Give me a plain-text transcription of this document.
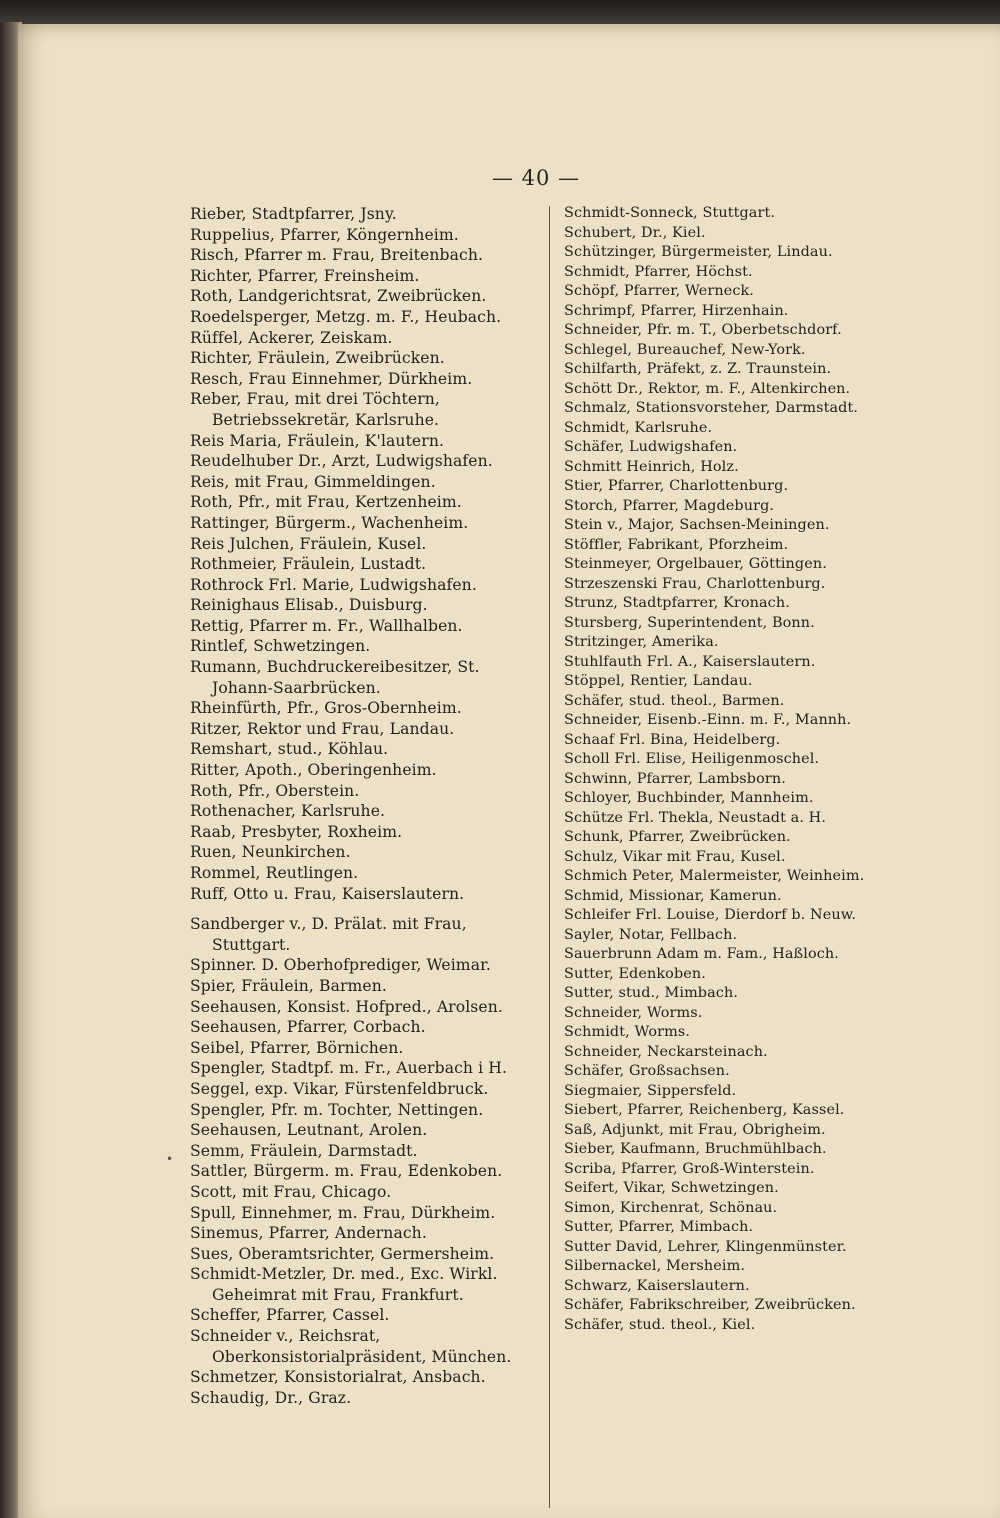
— 40 —
Rieber, Stadtpfarrer, Jsny.
Ruppelius, Pfarrer, Köngernheim.
Risch, Pfarrer m. Frau, Breitenbach.
Richter, Pfarrer, Freinsheim.
Roth, Landgerichtsrat, Zweibrücken.
Roedelsperger, Metzg. m. F., Heubach.
Rüffel, Ackerer, Zeiskam.
Richter, Fräulein, Zweibrücken.
Resch, Frau Einnehmer, Dürkheim.
Reber, Frau, mit drei Töchtern, Betriebssekretär, Karlsruhe.
Reis Maria, Fräulein, K'lautern.
Reudelhuber Dr., Arzt, Ludwigshafen.
Reis, mit Frau, Gimmeldingen.
Roth, Pfr., mit Frau, Kertzenheim.
Rattinger, Bürgerm., Wachenheim.
Reis Julchen, Fräulein, Kusel.
Rothmeier, Fräulein, Lustadt.
Rothrock Frl. Marie, Ludwigshafen.
Reinighaus Elisab., Duisburg.
Rettig, Pfarrer m. Fr., Wallhalben.
Rintlef, Schwetzingen.
Rumann, Buchdruckereibesitzer, St. Johann-Saarbrücken.
Rheinfürth, Pfr., Gros-Obernheim.
Ritzer, Rektor und Frau, Landau.
Remshart, stud., Köhlau.
Ritter, Apoth., Oberingenheim.
Roth, Pfr., Oberstein.
Rothenacher, Karlsruhe.
Raab, Presbyter, Roxheim.
Ruen, Neunkirchen.
Rommel, Reutlingen.
Ruff, Otto u. Frau, Kaiserslautern.
Sandberger v., D. Prälat. mit Frau, Stuttgart.
Spinner. D. Oberhofprediger, Weimar.
Spier, Fräulein, Barmen.
Seehausen, Konsist. Hofpred., Arolsen.
Seehausen, Pfarrer, Corbach.
Seibel, Pfarrer, Börnichen.
Spengler, Stadtpf. m. Fr., Auerbach i H.
Seggel, exp. Vikar, Fürstenfeldbruck.
Spengler, Pfr. m. Tochter, Nettingen.
Seehausen, Leutnant, Arolen.
Semm, Fräulein, Darmstadt.
Sattler, Bürgerm. m. Frau, Edenkoben.
Scott, mit Frau, Chicago.
Spull, Einnehmer, m. Frau, Dürkheim.
Sinemus, Pfarrer, Andernach.
Sues, Oberamtsrichter, Germersheim.
Schmidt-Metzler, Dr. med., Exc. Wirkl. Geheimrat mit Frau, Frankfurt.
Scheffer, Pfarrer, Cassel.
Schneider v., Reichsrat, Oberkonsistorialpräsident, München.
Schmetzer, Konsistorialrat, Ansbach.
Schaudig, Dr., Graz.
Schmidt-Sonneck, Stuttgart.
Schubert, Dr., Kiel.
Schützinger, Bürgermeister, Lindau.
Schmidt, Pfarrer, Höchst.
Schöpf, Pfarrer, Werneck.
Schrimpf, Pfarrer, Hirzenhain.
Schneider, Pfr. m. T., Oberbetschdorf.
Schlegel, Bureauchef, New-York.
Schilfarth, Präfekt, z. Z. Traunstein.
Schött Dr., Rektor, m. F., Altenkirchen.
Schmalz, Stationsvorsteher, Darmstadt.
Schmidt, Karlsruhe.
Schäfer, Ludwigshafen.
Schmitt Heinrich, Holz.
Stier, Pfarrer, Charlottenburg.
Storch, Pfarrer, Magdeburg.
Stein v., Major, Sachsen-Meiningen.
Stöffler, Fabrikant, Pforzheim.
Steinmeyer, Orgelbauer, Göttingen.
Strzeszenski Frau, Charlottenburg.
Strunz, Stadtpfarrer, Kronach.
Stursberg, Superintendent, Bonn.
Stritzinger, Amerika.
Stuhlfauth Frl. A., Kaiserslautern.
Stöppel, Rentier, Landau.
Schäfer, stud. theol., Barmen.
Schneider, Eisenb.-Einn. m. F., Mannh.
Schaaf Frl. Bina, Heidelberg.
Scholl Frl. Elise, Heiligenmoschel.
Schwinn, Pfarrer, Lambsborn.
Schloyer, Buchbinder, Mannheim.
Schütze Frl. Thekla, Neustadt a. H.
Schunk, Pfarrer, Zweibrücken.
Schulz, Vikar mit Frau, Kusel.
Schmich Peter, Malermeister, Weinheim.
Schmid, Missionar, Kamerun.
Schleifer Frl. Louise, Dierdorf b. Neuw.
Sayler, Notar, Fellbach.
Sauerbrunn Adam m. Fam., Haßloch.
Sutter, Edenkoben.
Sutter, stud., Mimbach.
Schneider, Worms.
Schmidt, Worms.
Schneider, Neckarsteinach.
Schäfer, Großsachsen.
Siegmaier, Sippersfeld.
Siebert, Pfarrer, Reichenberg, Kassel.
Saß, Adjunkt, mit Frau, Obrigheim.
Sieber, Kaufmann, Bruchmühlbach.
Scriba, Pfarrer, Groß-Winterstein.
Seifert, Vikar, Schwetzingen.
Simon, Kirchenrat, Schönau.
Sutter, Pfarrer, Mimbach.
Sutter David, Lehrer, Klingenmünster.
Silbernackel, Mersheim.
Schwarz, Kaiserslautern.
Schäfer, Fabrikschreiber, Zweibrücken.
Schäfer, stud. theol., Kiel.
•
